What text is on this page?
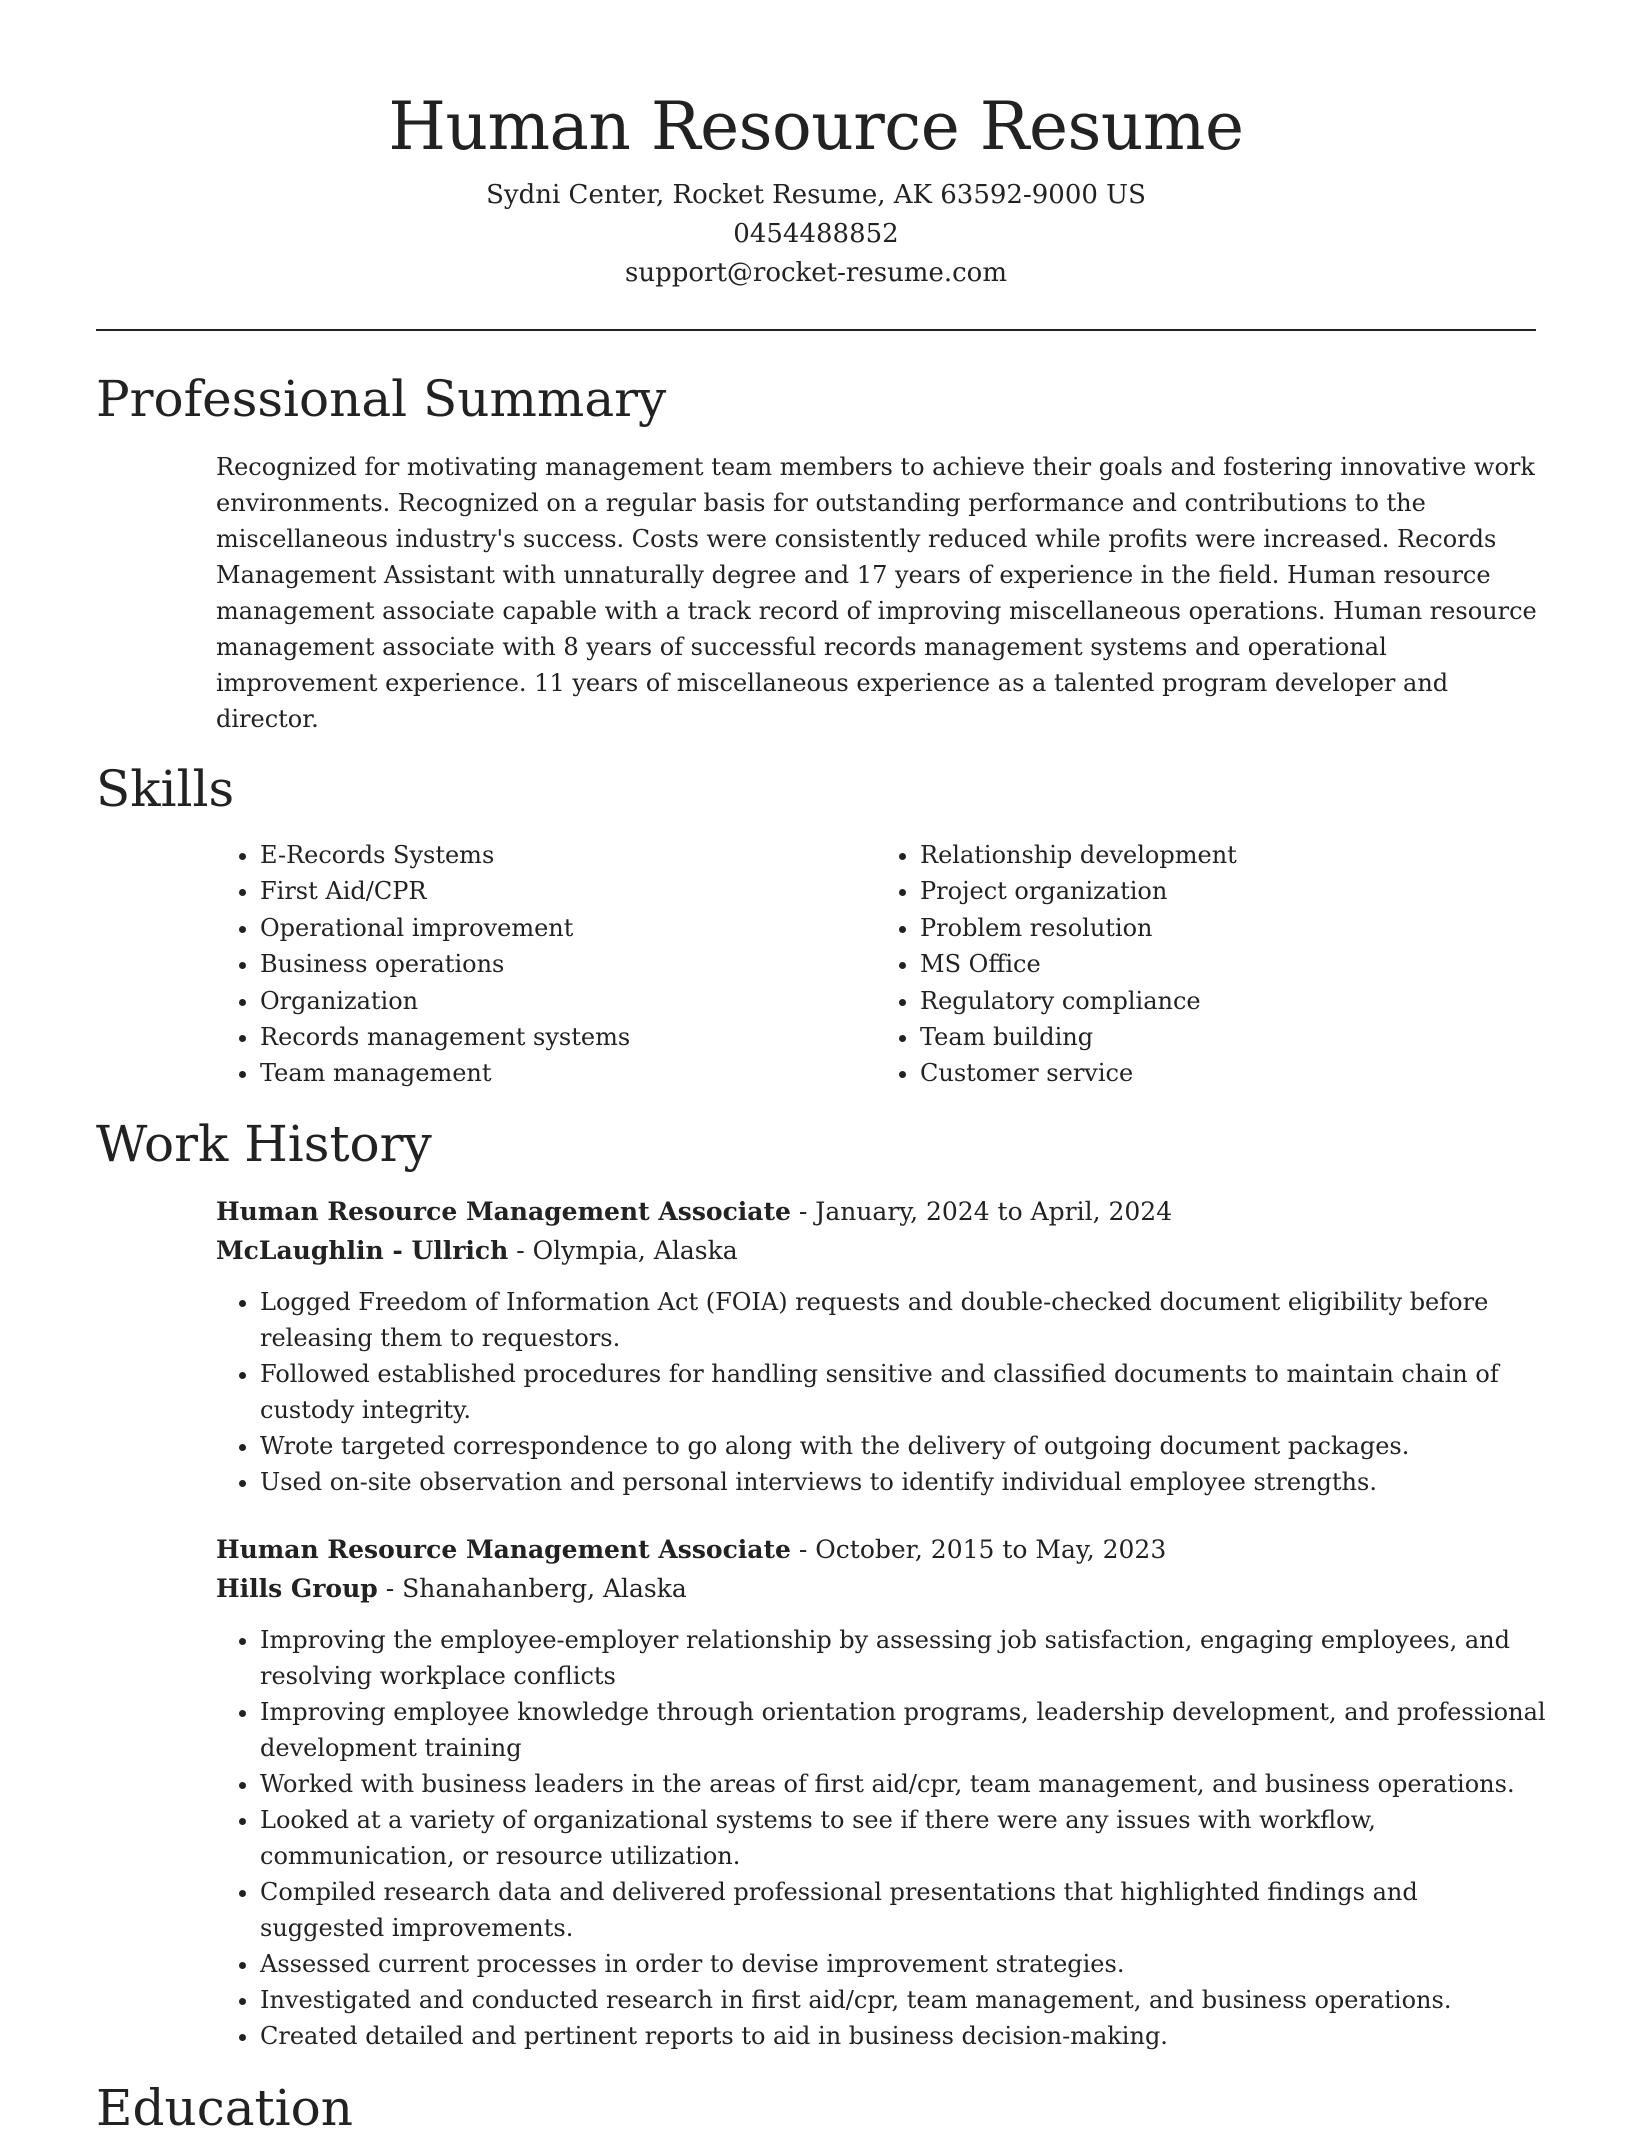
Human Resource Resume
Sydni Center, Rocket Resume, AK 63592-9000 US
0454488852
support@rocket-resume.com
Professional Summary

Recognized for motivating management team members to achieve their goals and fostering innovative work environments. Recognized on a regular basis for outstanding performance and contributions to the miscellaneous industry's success. Costs were consistently reduced while profits were increased. Records Management Assistant with unnaturally degree and 17 years of experience in the field. Human resource management associate capable with a track record of improving miscellaneous operations. Human resource management associate with 8 years of successful records management systems and operational improvement experience. 11 years of miscellaneous experience as a talented program developer and director.

Skills
• E-Records Systems
• First Aid/CPR
• Operational improvement
• Business operations
• Organization
• Records management systems
• Team management
• Relationship development
• Project organization
• Problem resolution
• MS Office
• Regulatory compliance
• Team building
• Customer service
Work History
Human Resource Management Associate - January, 2024 to April, 2024
McLaughlin - Ullrich - Olympia, Alaska
• Logged Freedom of Information Act (FOIA) requests and double-checked document eligibility before releasing them to requestors.
• Followed established procedures for handling sensitive and classified documents to maintain chain of custody integrity.
• Wrote targeted correspondence to go along with the delivery of outgoing document packages.
• Used on-site observation and personal interviews to identify individual employee strengths.
Human Resource Management Associate - October, 2015 to May, 2023
Hills Group - Shanahanberg, Alaska
• Improving the employee-employer relationship by assessing job satisfaction, engaging employees, and resolving workplace conflicts
• Improving employee knowledge through orientation programs, leadership development, and professional development training
• Worked with business leaders in the areas of first aid/cpr, team management, and business operations.
• Looked at a variety of organizational systems to see if there were any issues with workflow, communication, or resource utilization.
• Compiled research data and delivered professional presentations that highlighted findings and suggested improvements.
• Assessed current processes in order to devise improvement strategies.
• Investigated and conducted research in first aid/cpr, team management, and business operations.
• Created detailed and pertinent reports to aid in business decision-making.
Education
